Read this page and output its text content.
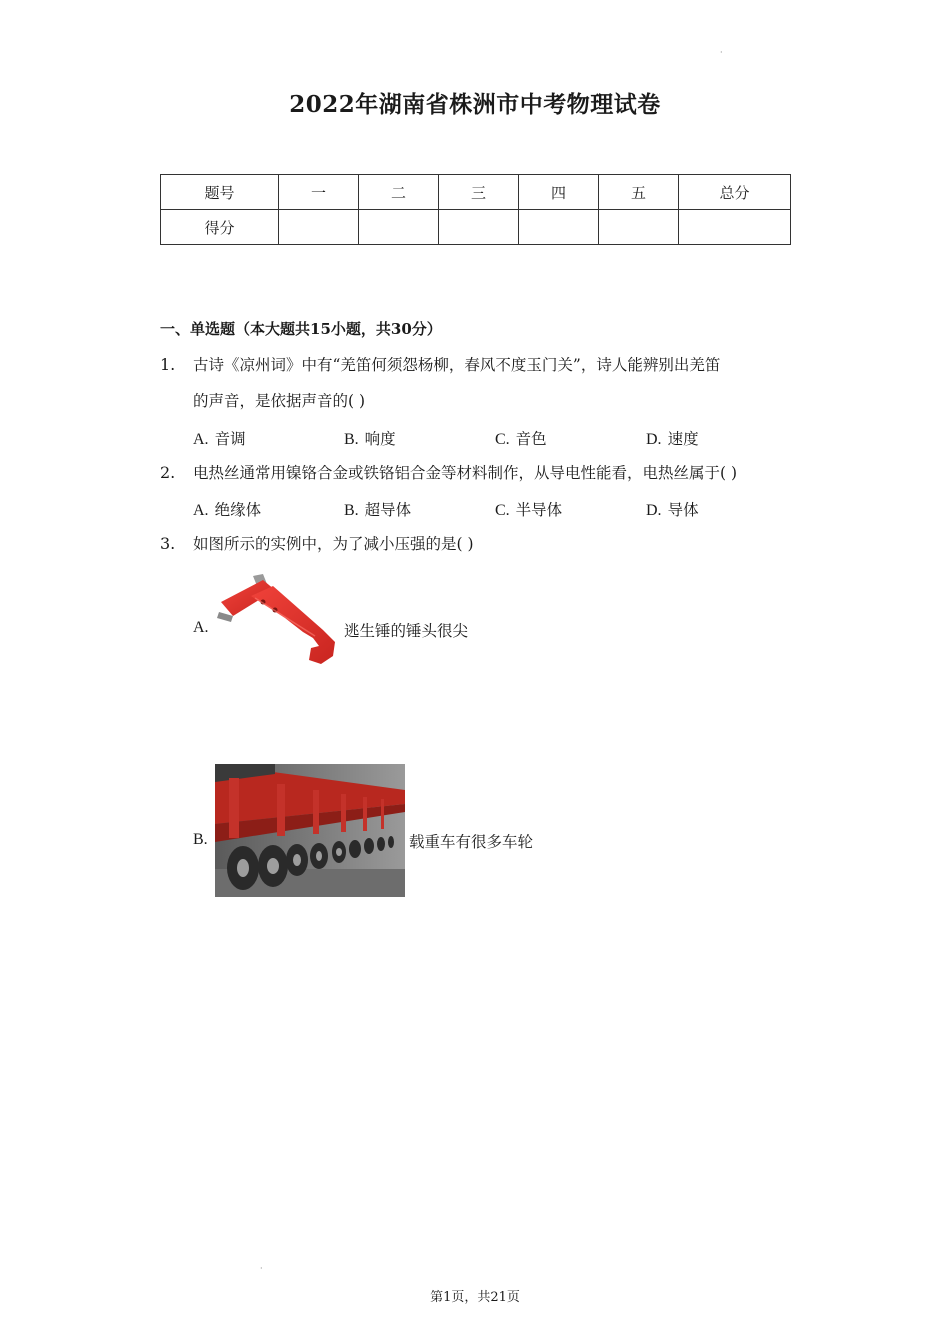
·
2022年湖南省株洲市中考物理试卷
题号	一	二	三	四	五	总分
得分						
一、单选题（本大题共15小题，共30分）
1. 古诗《凉州词》中有“羌笛何须怨杨柳，春风不度玉门关”，诗人能辨别出羌笛
的声音，是依据声音的( )
A. 音调	B. 响度	C. 音色	D. 速度
2. 电热丝通常用镍铬合金或铁铬铝合金等材料制作，从导电性能看，电热丝属于( )
A. 绝缘体	B. 超导体	C. 半导体	D. 导体
3. 如图所示的实例中，为了减小压强的是( )
A.	逃生锤的锤头很尖
B.	载重车有很多车轮
·
第1页，共21页
